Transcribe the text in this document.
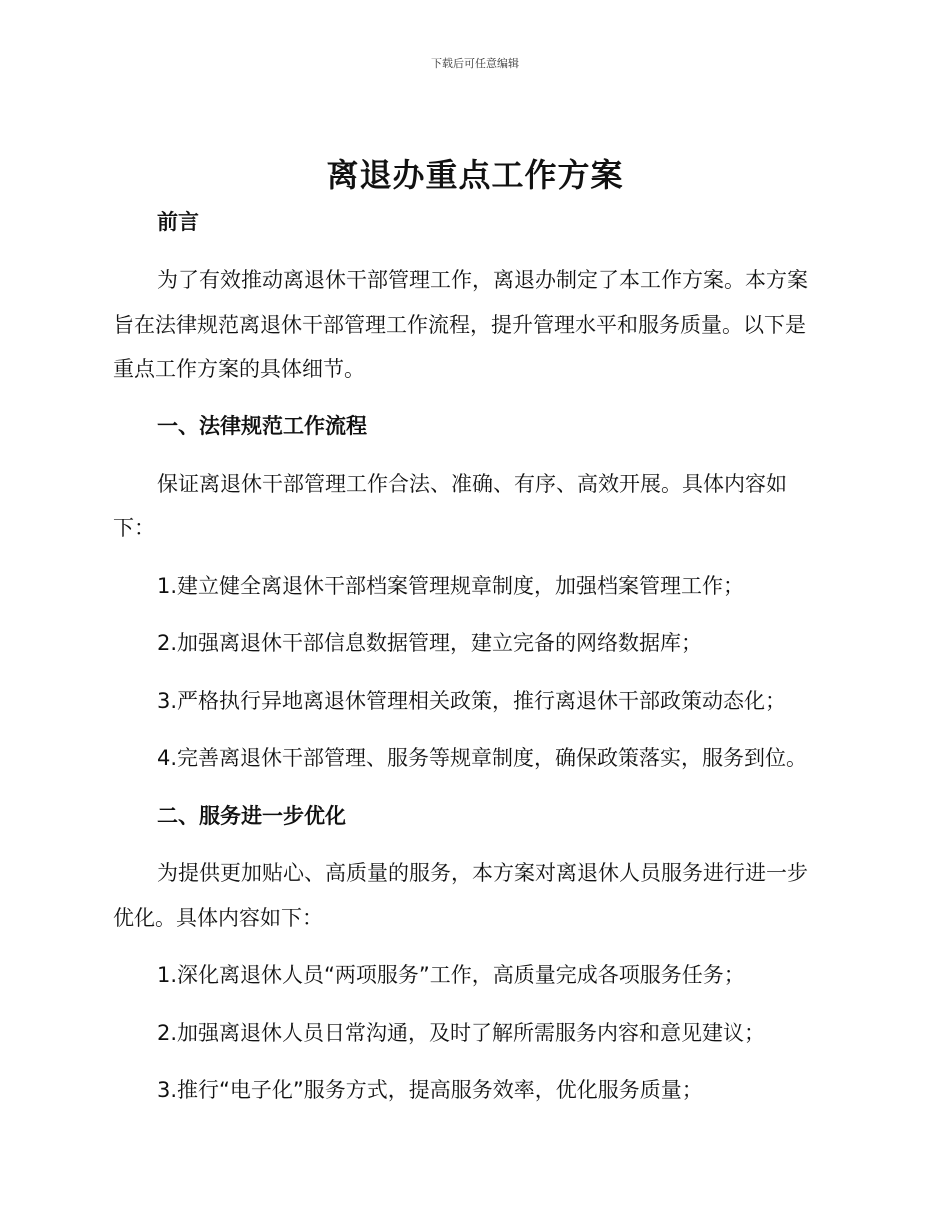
下载后可任意编辑
离退办重点工作方案
前言
为了有效推动离退休干部管理工作，离退办制定了本工作方案。本方案
旨在法律规范离退休干部管理工作流程，提升管理水平和服务质量。以下是
重点工作方案的具体细节。
一、法律规范工作流程
保证离退休干部管理工作合法、准确、有序、高效开展。具体内容如
下：
1.建立健全离退休干部档案管理规章制度，加强档案管理工作；
2.加强离退休干部信息数据管理，建立完备的网络数据库；
3.严格执行异地离退休管理相关政策，推行离退休干部政策动态化；
4.完善离退休干部管理、服务等规章制度，确保政策落实，服务到位。
二、服务进一步优化
为提供更加贴心、高质量的服务，本方案对离退休人员服务进行进一步
优化。具体内容如下：
1.深化离退休人员“两项服务”工作，高质量完成各项服务任务；
2.加强离退休人员日常沟通，及时了解所需服务内容和意见建议；
3.推行“电子化”服务方式，提高服务效率，优化服务质量；
